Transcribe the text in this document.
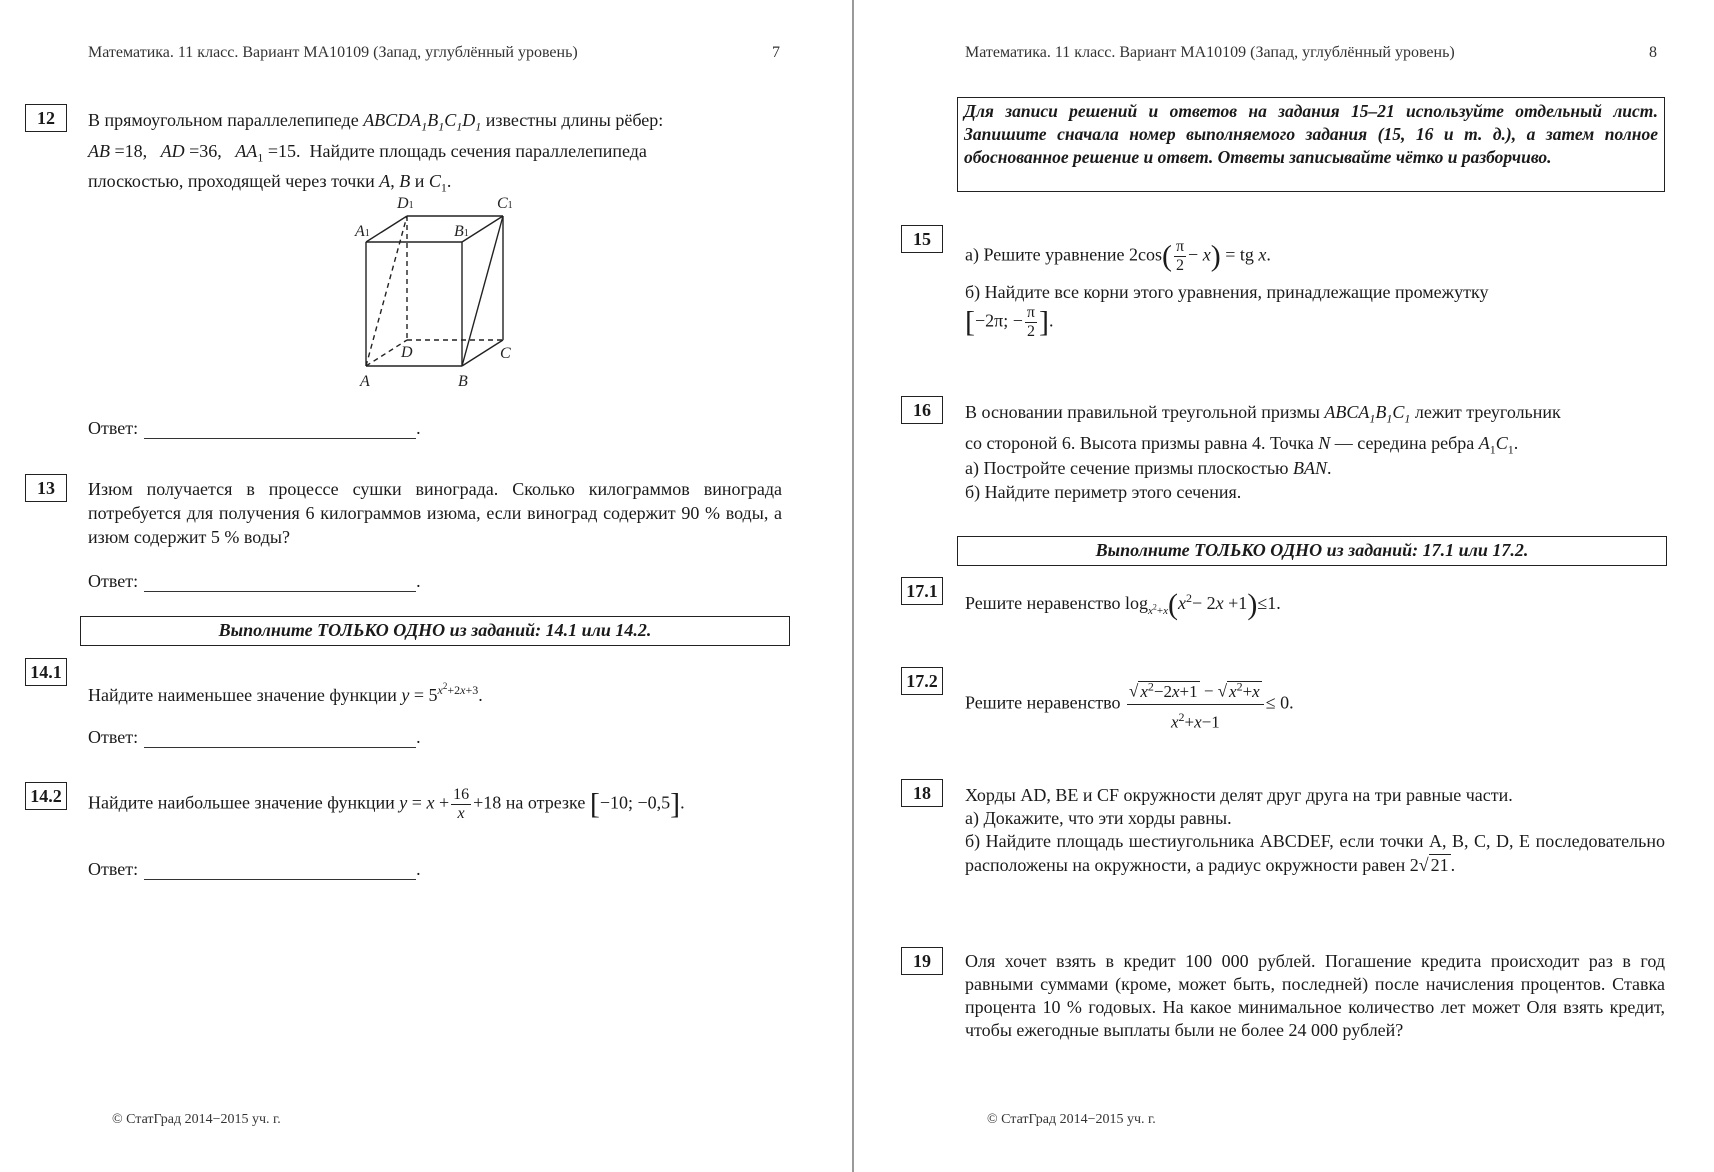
Математика. 11 класс. Вариант МА10109 (Запад, углублённый уровень)	7
12	В прямоугольном параллелепипеде $ABCDA_1B_1C_1D_1$ известны длины рёбер:
AB =18,   AD =36,   $AA_1 =15$.  Найдите площадь сечения параллелепипеда
плоскостью, проходящей через точки A, B и $C_1$.
D1	C1
A1	B1
D	C
A	B
Ответ:	.
13	Изюм получается в процессе сушки винограда. Сколько килограммов винограда потребуется для получения 6 килограммов изюма, если виноград содержит 90 % воды, а изюм содержит 5 % воды?
Ответ:	.
Выполните ТОЛЬКО ОДНО из заданий: 14.1 или 14.2.
14.1
Найдите наименьшее значение функции $y = 5^{x^2+2x+3}$.
Ответ:	.
14.2 Найдите наибольшее значение функции $y = x + \frac{16}{x} +18$ на отрезке [−10; −0,5].
Ответ:	.
© СтатГрад 2014−2015 уч. г.
Математика. 11 класс. Вариант МА10109 (Запад, углублённый уровень)	8
Для записи решений и ответов на задания 15–21 используйте отдельный лист. Запишите сначала номер выполняемого задания (15, 16 и т. д.), а затем полное обоснованное решение и ответ. Ответы записывайте чётко и разборчиво.
15
а) Решите уравнение $2\cos( \frac{\pi}{2} - x)$ = tg x.
б) Найдите все корни этого уравнения, принадлежащие промежутку
[−2π; − $\frac{\pi}{2}$ ].
16	В основании правильной треугольной призмы $ABCA_1B_1C_1$ лежит треугольник
со стороной 6. Высота призмы равна 4. Точка N — середина ребра $A_1C_1$.
а) Постройте сечение призмы плоскостью BAN.
б) Найдите периметр этого сечения.
Выполните ТОЛЬКО ОДНО из заданий: 17.1 или 17.2.
17.1
Решите неравенство $\log_{x^2+x}(x^2- 2x +1)\le 1$.
17.2
Решите неравенство $\frac{√ x^2-2x+1 - √ x^2+x}{x^2+x-1} \le 0$.
18	Хорды AD, BE и CF окружности делят друг друга на три равные части.
а) Докажите, что эти хорды равны.
б) Найдите площадь шестиугольника ABCDEF, если точки A, B, C, D, E последовательно расположены на окружности, а радиус окружности равен 2√ 21 .
19	Оля хочет взять в кредит 100 000 рублей. Погашение кредита происходит раз в год равными суммами (кроме, может быть, последней) после начисления процентов. Ставка процента 10 % годовых. На какое минимальное количество лет может Оля взять кредит, чтобы ежегодные выплаты были не более 24 000 рублей?
© СтатГрад 2014−2015 уч. г.
